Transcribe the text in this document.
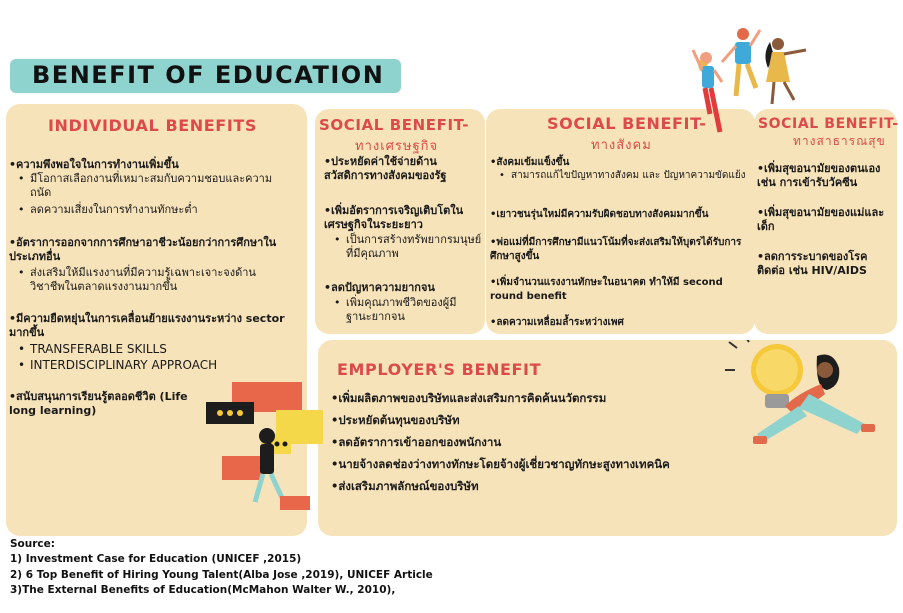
BENEFIT OF EDUCATION
INDIVIDUAL BENEFITS
•ความพึงพอใจในการทำงานเพิ่มขึ้น
• มีโอกาสเลือกงานที่เหมาะสมกับความชอบและความถนัด
• ลดความเสี่ยงในการทำงานทักษะต่ำ
•อัตราการออกจากการศึกษาอาชีวะน้อยกว่าการศึกษาในประเภทอื่น
• ส่งเสริมให้มีแรงงานที่มีความรู้เฉพาะเจาะจงด้านวิชาชีพในตลาดแรงงานมากขึ้น
•มีความยืดหยุ่นในการเคลื่อนย้ายแรงงานระหว่าง sector มากขึ้น
• TRANSFERABLE SKILLS
• INTERDISCIPLINARY APPROACH
•สนับสนุนการเรียนรู้ตลอดชีวิต (Life long learning)
SOCIAL BENEFIT-
ทางเศรษฐกิจ
•ประหยัดค่าใช้จ่ายด้านสวัสดิการทางสังคมของรัฐ
•เพิ่มอัตราการเจริญเติบโตในเศรษฐกิจในระยะยาว
• เป็นการสร้างทรัพยากรมนุษย์ที่มีคุณภาพ
•ลดปัญหาความยากจน
• เพิ่มคุณภาพชีวิตของผู้มีฐานะยากจน
SOCIAL BENEFIT-
ทางสังคม
•สังคมเข้มแข็งขึ้น
• สามารถแก้ไขปัญหาทางสังคม และ ปัญหาความขัดแย้ง
•เยาวชนรุ่นใหม่มีความรับผิดชอบทางสังคมมากขึ้น
•พ่อแม่ที่มีการศึกษามีแนวโน้มที่จะส่งเสริมให้บุตรได้รับการศึกษาสูงขึ้น
•เพิ่มจำนวนแรงงานทักษะในอนาคต ทำให้มี second round benefit
•ลดความเหลื่อมล้ำระหว่างเพศ
SOCIAL BENEFIT-
ทางสาธารณสุข
•เพิ่มสุขอนามัยของตนเอง เช่น การเข้ารับวัคซีน
•เพิ่มสุขอนามัยของแม่และเด็ก
•ลดการระบาดของโรคติดต่อ เช่น HIV/AIDS
EMPLOYER'S BENEFIT
•เพิ่มผลิตภาพของบริษัทและส่งเสริมการคิดค้นนวัตกรรม
•ประหยัดต้นทุนของบริษัท
•ลดอัตราการเข้าออกของพนักงาน
•นายจ้างลดช่องว่างทางทักษะโดยจ้างผู้เชี่ยวชาญทักษะสูงทางเทคนิค
•ส่งเสริมภาพลักษณ์ของบริษัท
Source:
1) Investment Case for Education (UNICEF ,2015)
2) 6 Top Benefit of Hiring Young Talent(Alba Jose ,2019), UNICEF Article
3)The External Benefits of Education(McMahon Walter W., 2010),
